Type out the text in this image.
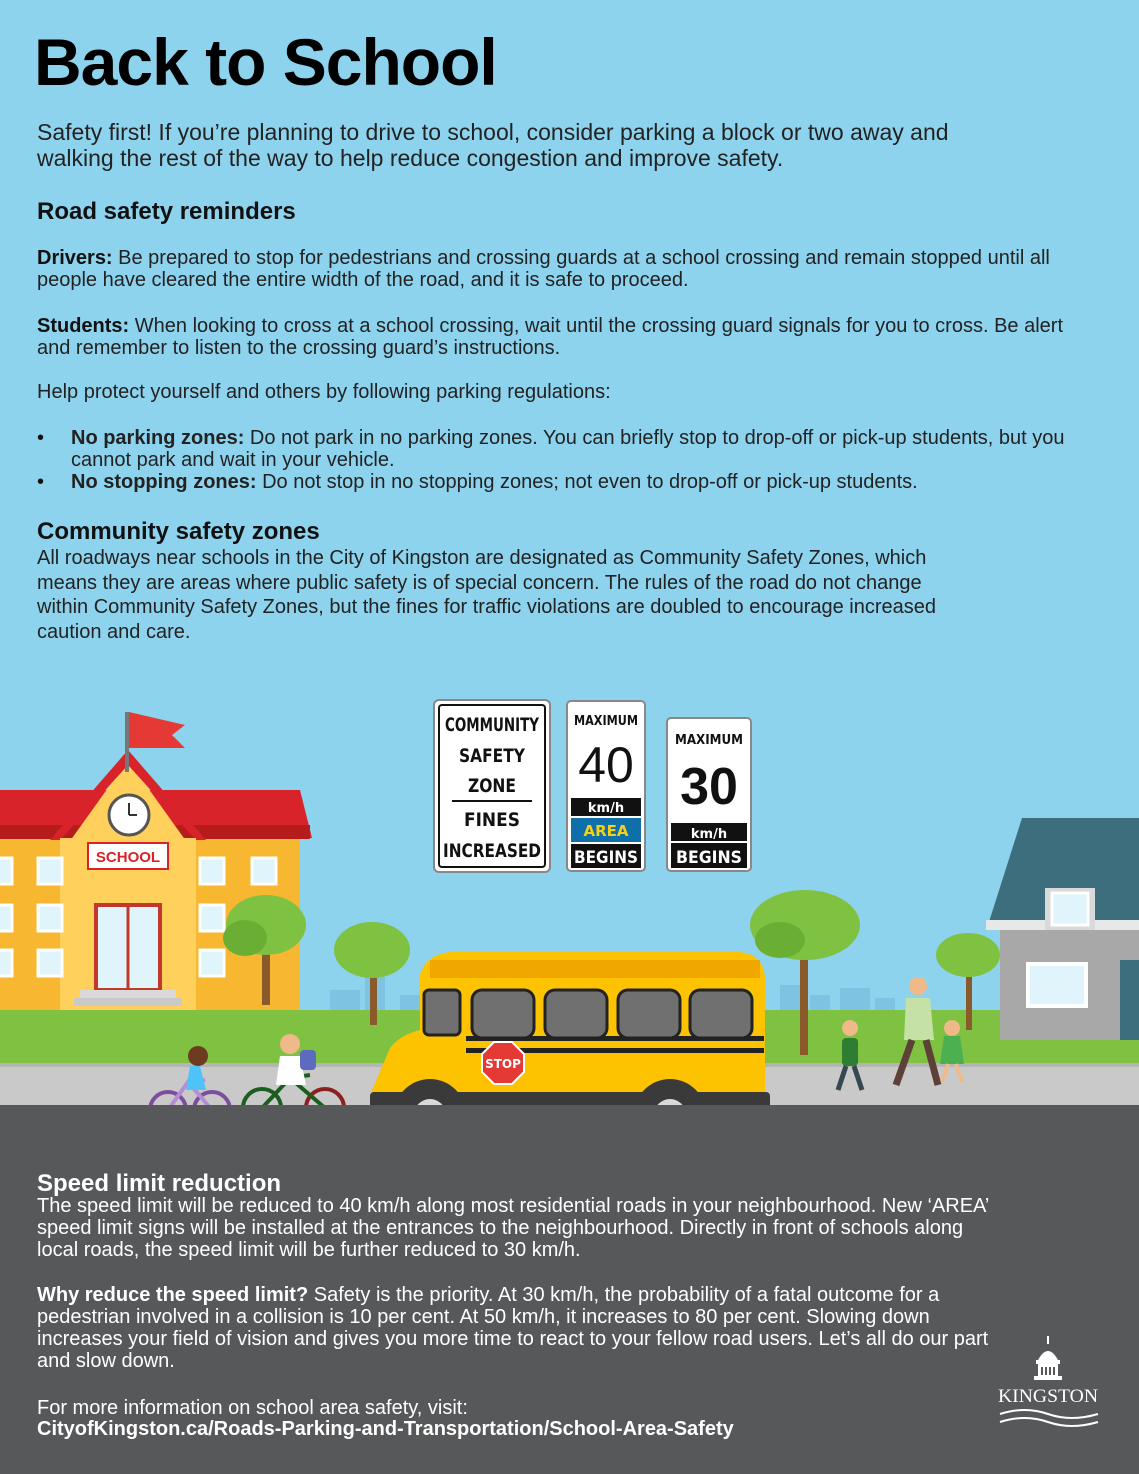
Back to School
Safety first! If you’re planning to drive to school, consider parking a block or two away and walking the rest of the way to help reduce congestion and improve safety.
Road safety reminders
Drivers: Be prepared to stop for pedestrians and crossing guards at a school crossing and remain stopped until all people have cleared the entire width of the road, and it is safe to proceed.
Students: When looking to cross at a school crossing, wait until the crossing guard signals for you to cross. Be alert and remember to listen to the crossing guard’s instructions.
Help protect yourself and others by following parking regulations:
• No parking zones: Do not park in no parking zones. You can briefly stop to drop-off or pick-up students, but you cannot park and wait in your vehicle.
• No stopping zones: Do not stop in no stopping zones; not even to drop-off or pick-up students.
Community safety zones
All roadways near schools in the City of Kingston are designated as Community Safety Zones, which means they are areas where public safety is of special concern. The rules of the road do not change within Community Safety Zones, but the fines for traffic violations are doubled to encourage increased caution and care.
SCHOOL
COMMUNITY
SAFETY
ZONE
FINES
INCREASED
MAXIMUM
40
km/h
AREA
BEGINS
MAXIMUM
30
km/h
BEGINS
STOP
Speed limit reduction
The speed limit will be reduced to 40 km/h along most residential roads in your neighbourhood. New ‘AREA’ speed limit signs will be installed at the entrances to the neighbourhood. Directly in front of schools along local roads, the speed limit will be further reduced to 30 km/h.
Why reduce the speed limit? Safety is the priority. At 30 km/h, the probability of a fatal outcome for a pedestrian involved in a collision is 10 per cent. At 50 km/h, it increases to 80 per cent. Slowing down increases your field of vision and gives you more time to react to your fellow road users. Let’s all do our part and slow down.
For more information on school area safety, visit:
CityofKingston.ca/Roads-Parking-and-Transportation/School-Area-Safety
KINGSTON
